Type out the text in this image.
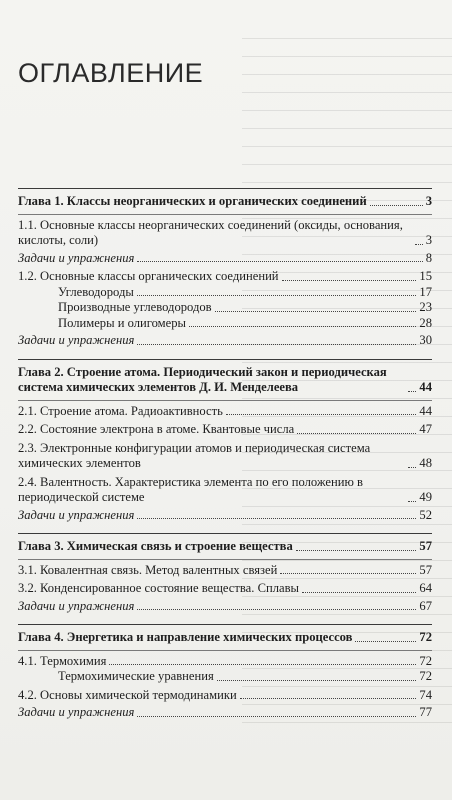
ОГЛАВЛЕНИЕ
Глава 1. Классы неорганических и органических соединений	3
1.1. Основные классы неорганических соединений (оксиды, основания, кислоты, соли)	3
Задачи и упражнения	8
1.2. Основные классы органических соединений	15
Углеводороды	17
Производные углеводородов	23
Полимеры и олигомеры	28
Задачи и упражнения	30
Глава 2. Строение атома. Периодический закон и периодическая система химических элементов Д. И. Менделеева	44
2.1. Строение атома. Радиоактивность	44
2.2. Состояние электрона в атоме. Квантовые числа	47
2.3. Электронные конфигурации атомов и периодическая система химических элементов	48
2.4. Валентность. Характеристика элемента по его положению в периодической системе	49
Задачи и упражнения	52
Глава 3. Химическая связь и строение вещества	57
3.1. Ковалентная связь. Метод валентных связей	57
3.2. Конденсированное состояние вещества. Сплавы	64
Задачи и упражнения	67
Глава 4. Энергетика и направление химических процессов	72
4.1. Термохимия	72
Термохимические уравнения	72
4.2. Основы химической термодинамики	74
Задачи и упражнения	77
